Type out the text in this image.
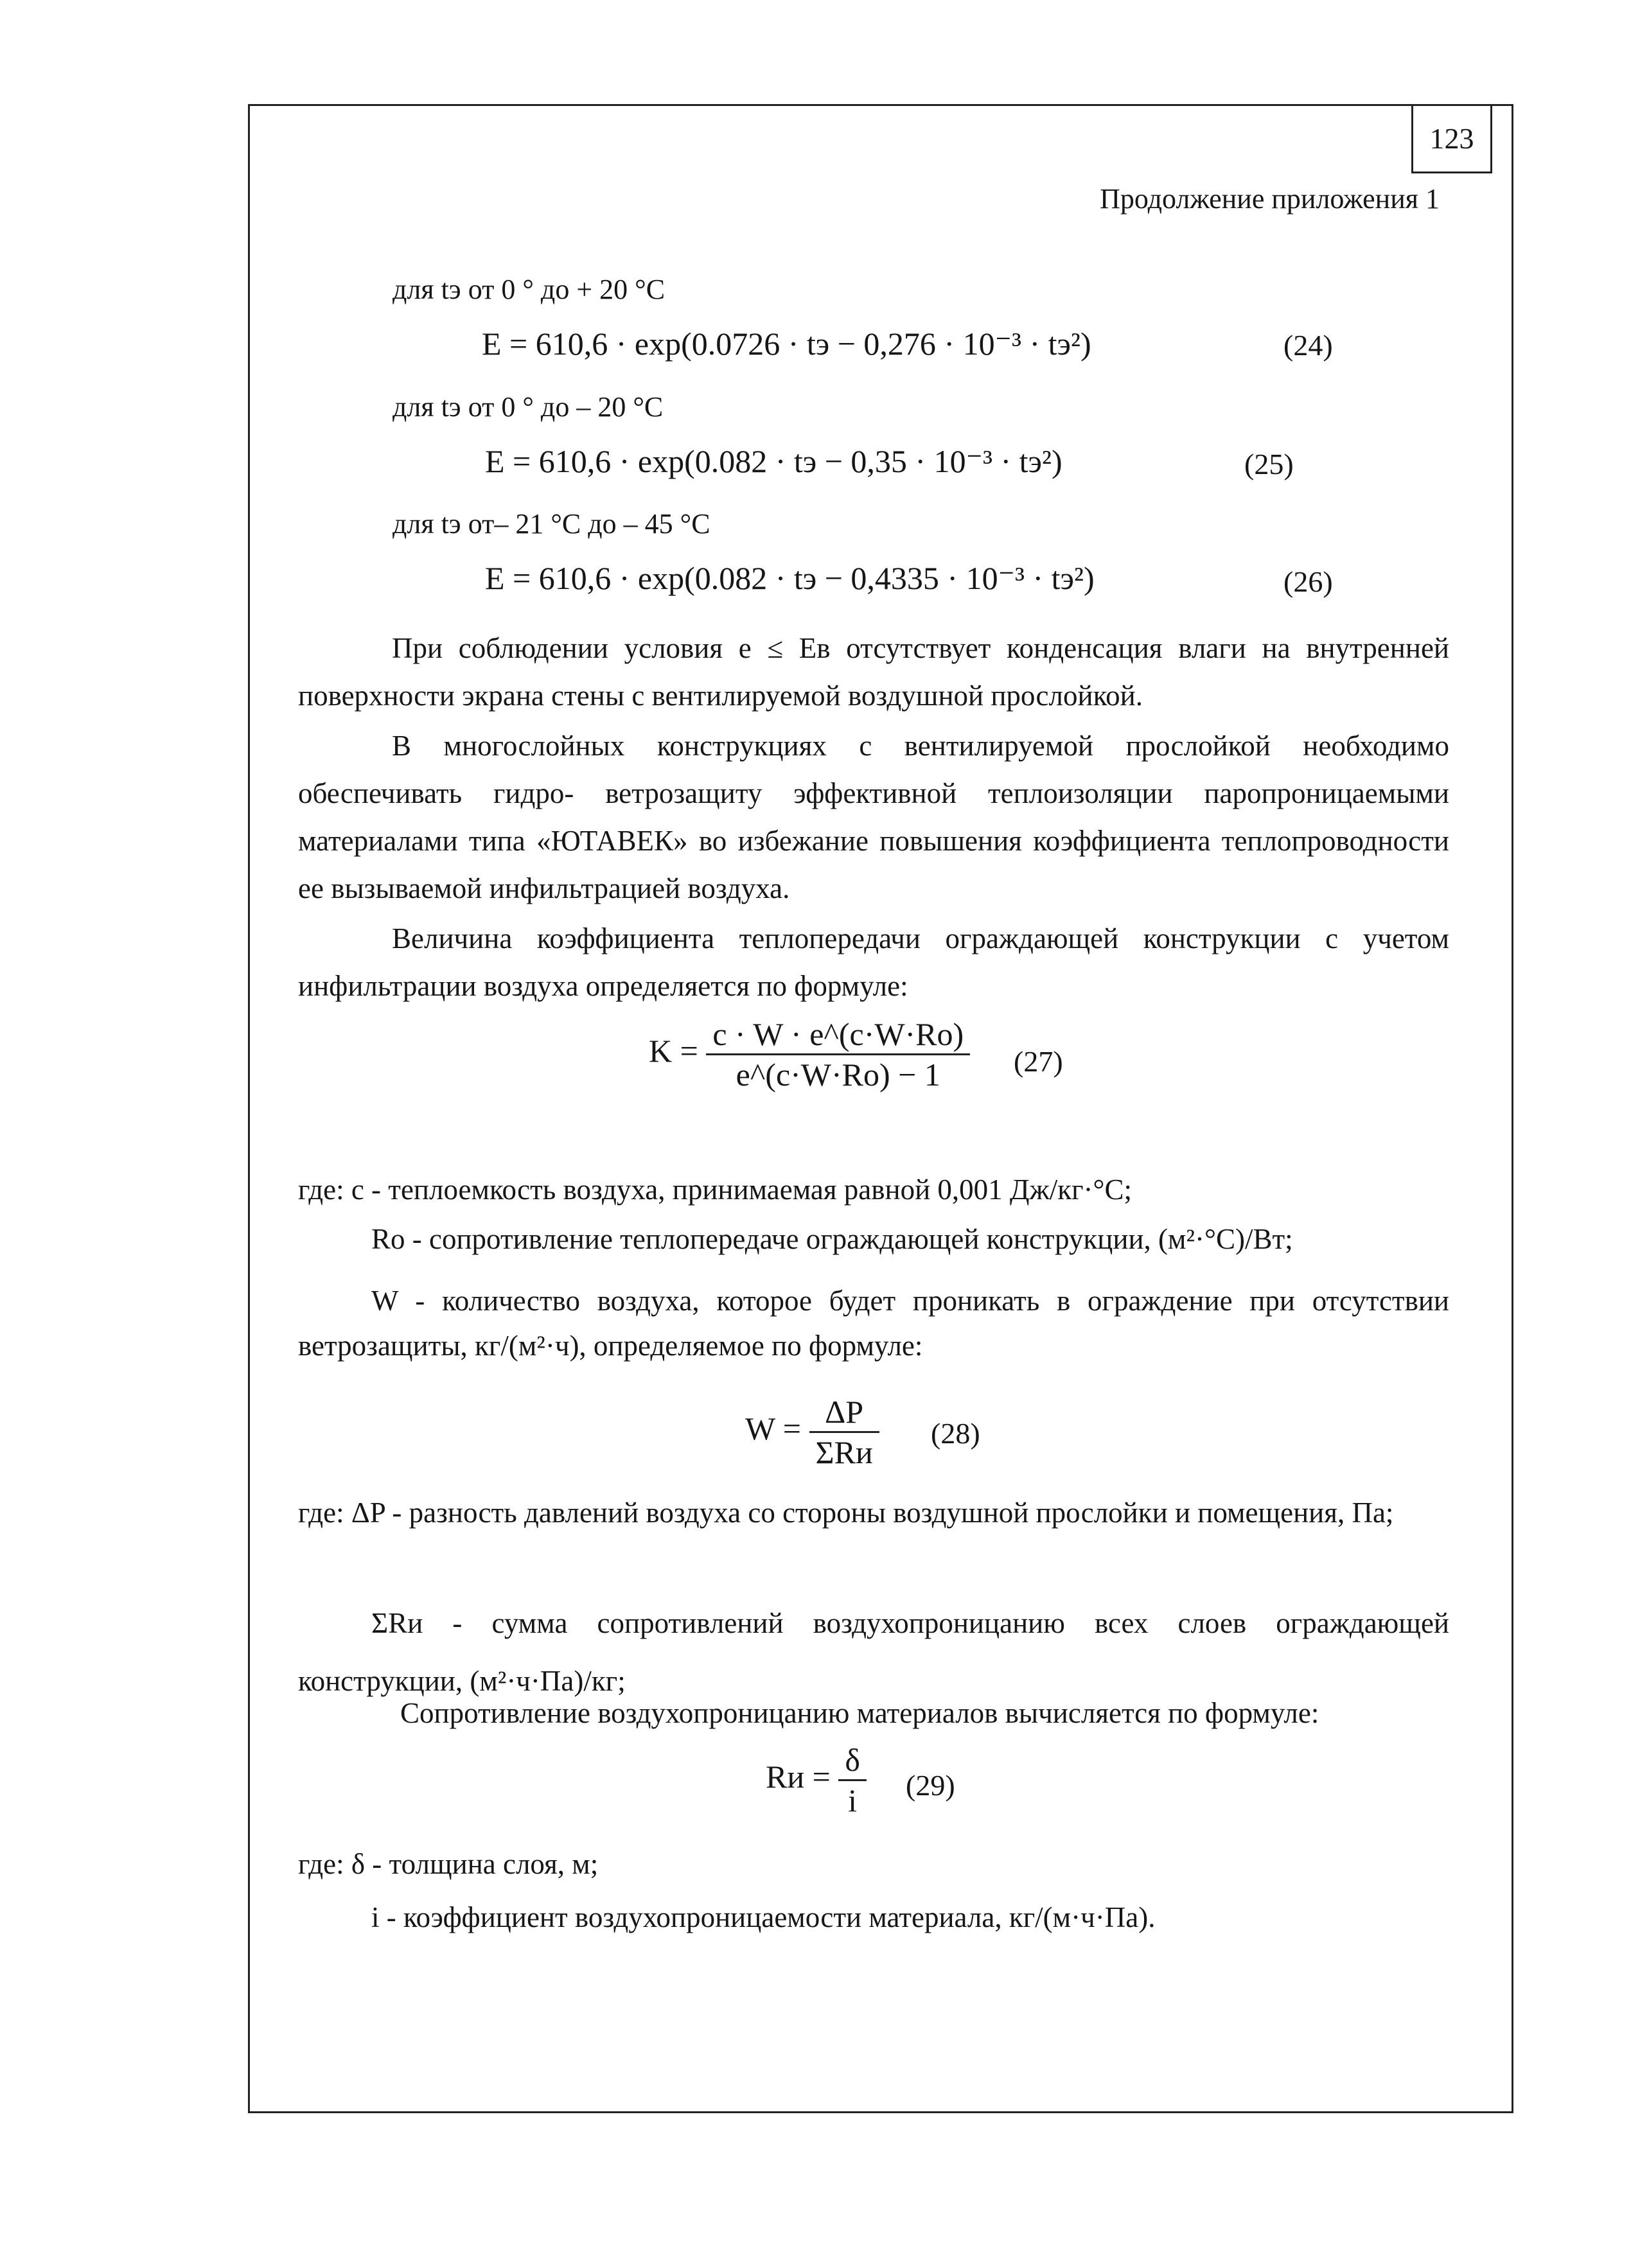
123
Продолжение приложения 1
для tэ от 0 ° до + 20 °С
E = 610,6 · exp(0.0726 · tэ − 0,276 · 10⁻³ · tэ²)	(24)
для tэ от 0 ° до – 20 °С
E = 610,6 · exp(0.082 · tэ − 0,35 · 10⁻³ · tэ²)	(25)
для tэ от– 21 °С до – 45 °С
E = 610,6 · exp(0.082 · tэ − 0,4335 · 10⁻³ · tэ²)	(26)
При соблюдении условия e ≤ Eв отсутствует конденсация влаги на внутренней поверхности экрана стены с вентилируемой воздушной прослойкой.
В многослойных конструкциях с вентилируемой прослойкой необходимо обеспечивать гидро- ветрозащиту эффективной теплоизоляции паропроницаемыми материалами типа «ЮТАВЕК» во избежание повышения коэффициента теплопроводности ее вызываемой инфильтрацией воздуха.
Величина коэффициента теплопередачи ограждающей конструкции с учетом инфильтрации воздуха определяется по формуле:
$K = \frac{c \cdot W \cdot e\^{}(c\cdot W\cdot Ro)}{e\^{}(c\cdot W\cdot Ro) - 1} (27)$
где: c - теплоемкость воздуха, принимаемая равной 0,001 Дж/кг·°С;
Ro - сопротивление теплопередаче ограждающей конструкции, (м²·°С)/Вт;
W - количество воздуха, которое будет проникать в ограждение при отсутствии ветрозащиты, кг/(м²·ч), определяемое по формуле:
$W = \frac{\Delta P}{\text{ΣRи}} (28)$
где: ΔP - разность давлений воздуха со стороны воздушной прослойки и помещения, Па;
ΣRи - сумма сопротивлений воздухопроницанию всех слоев ограждающей конструкции, (м²·ч·Па)/кг;
Сопротивление воздухопроницанию материалов вычисляется по формуле:
Rи = $\frac{\delta}{i} (29)$
где: δ - толщина слоя, м;
i - коэффициент воздухопроницаемости материала, кг/(м·ч·Па).
